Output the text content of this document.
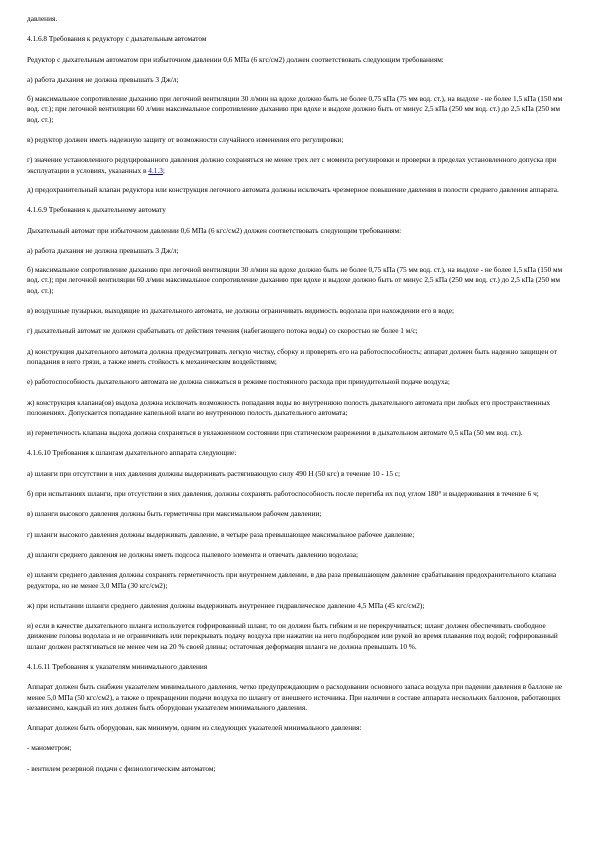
давления.

4.1.6.8 Требования к редуктору с дыхательным автоматом

Редуктор с дыхательным автоматом при избыточном давлении 0,6 МПа (6 кгс/см2) должен соответствовать следующим требованиям:

а) работа дыхания не должна превышать 3 Дж/л;

б) максимальное сопротивление дыханию при легочной вентиляции 30 л/мин на вдохе должно быть не более 0,75 кПа (75 мм вод. ст.), на выдохе - не более 1,5 кПа (150 мм вод. ст.); при легочной вентиляции 60 л/мин максимальное сопротивление дыханию при вдохе и выдохе должно быть от минус 2,5 кПа (250 мм вод. ст.) до 2,5 кПа (250 мм вод. ст.);

в) редуктор должен иметь надежную защиту от возможности случайного изменения его регулировки;

г) значение установленного редуцированного давления должно сохраняться не менее трех лет с момента регулировки и проверки в пределах установленного допуска при эксплуатации в условиях, указанных в 4.1.3;

д) предохранительный клапан редуктора или конструкция легочного автомата должны исключать чрезмерное повышение давления в полости среднего давления аппарата.

4.1.6.9 Требования к дыхательному автомату

Дыхательный автомат при избыточном давлении 0,6 МПа (6 кгс/см2) должен соответствовать следующим требованиям:

а) работа дыхания не должна превышать 3 Дж/л;

б) максимальное сопротивление дыханию при легочной вентиляции 30 л/мин на вдохе должно быть не более 0,75 кПа (75 мм вод. ст.), на выдохе - не более 1,5 кПа (150 мм вод. ст.); при легочной вентиляции 60 л/мин максимальное сопротивление дыханию при вдохе и выдохе должно быть от минус 2,5 кПа (250 мм вод. ст.) до 2,5 кПа (250 мм вод. ст.);

в) воздушные пузырьки, выходящие из дыхательного автомата, не должны ограничивать видимость водолаза при нахождении его в воде;

г) дыхательный автомат не должен срабатывать от действия течения (набегающего потока воды) со скоростью не более 1 м/с;

д) конструкция дыхательного автомата должна предусматривать легкую чистку, сборку и проверять его на работоспособность; аппарат должен быть надежно защищен от попадания в него грязи, а также иметь стойкость к механическим воздействиям;

е) работоспособность дыхательного автомата не должна снижаться в режиме постоянного расхода при принудительной подаче воздуха;

ж) конструкция клапана(ов) выдоха должна исключать возможность попадания воды во внутреннюю полость дыхательного автомата при любых его пространственных положениях. Допускается попадание капельной влаги во внутреннюю полость дыхательного автомата;

и) герметичность клапана выдоха должна сохраняться в увлажненном состоянии при статическом разрежении в дыхательном автомате 0,5 кПа (50 мм вод. ст.).

4.1.6.10 Требования к шлангам дыхательного аппарата следующие:

а) шланги при отсутствии в них давления должны выдерживать растягивающую силу 490 Н (50 кгс) в течение 10 - 15 с;

б) при испытаниях шланги, при отсутствии в них давления, должны сохранять работоспособность после перегиба их под углом 180° и выдерживания в течение 6 ч;

в) шланги высокого давления должны быть герметичны при максимальном рабочем давлении;

г) шланги высокого давления должны выдерживать давление, в четыре раза превышающее максимальное рабочее давление;

д) шланги среднего давления не должны иметь подсоса пылевого элемента и отвечать давлению водолаза;

е) шланги среднего давления должны сохранять герметичность при внутреннем давлении, в два раза превышающем давление срабатывания предохранительного клапана редуктора, но не менее 3,0 МПа (30 кгс/см2);

ж) при испытании шланги среднего давления должны выдерживать внутреннее гидравлическое давление 4,5 МПа (45 кгс/см2);

и) если в качестве дыхательного шланга используется гофрированный шланг, то он должен быть гибким и не перекручиваться; шланг должен обеспечивать свободное движение головы водолаза и не ограничивать или перекрывать подачу воздуха при нажатии на него подбородком или рукой во время плавания под водой; гофрированный шланг должен растягиваться не менее чем на 20 % своей длины; остаточная деформация шланга не должна превышать 10 %.

4.1.6.11 Требования к указателям минимального давления

Аппарат должен быть снабжен указателем минимального давления, четко предупреждающим о расходовании основного запаса воздуха при падении давления в баллоне не менее 5,0 МПа (50 кгс/см2), а также о прекращении подачи воздуха по шлангу от внешнего источника. При наличии в составе аппарата нескольких баллонов, работающих независимо, каждый из них должен быть оборудован указателем минимального давления.

Аппарат должен быть оборудован, как минимум, одним из следующих указателей минимального давления:

- манометром;

- вентилем резервной подачи с физиологическим автоматом;
